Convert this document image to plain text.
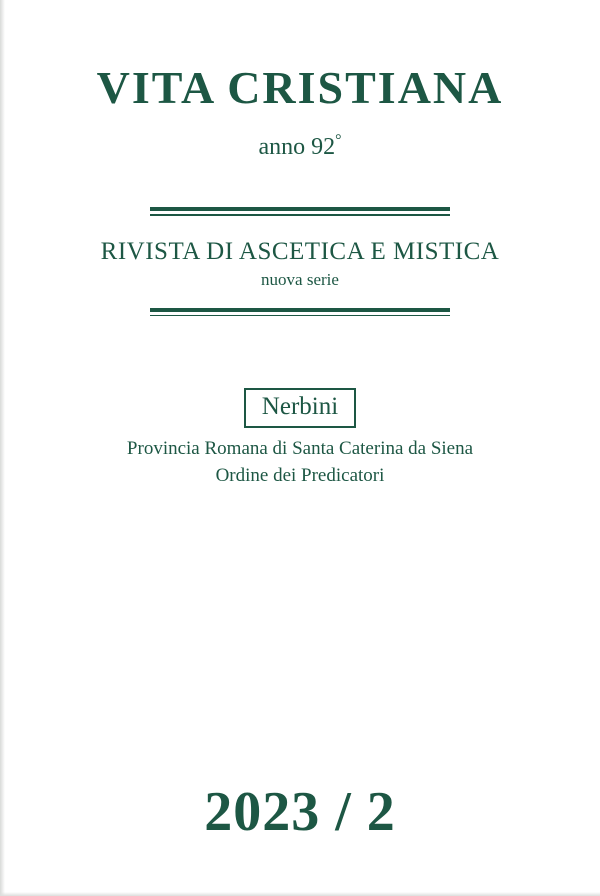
VITA CRISTIANA
anno 92°
RIVISTA DI ASCETICA E MISTICA
nuova serie
Nerbini
Provincia Romana di Santa Caterina da Siena
Ordine dei Predicatori
2023 / 2
